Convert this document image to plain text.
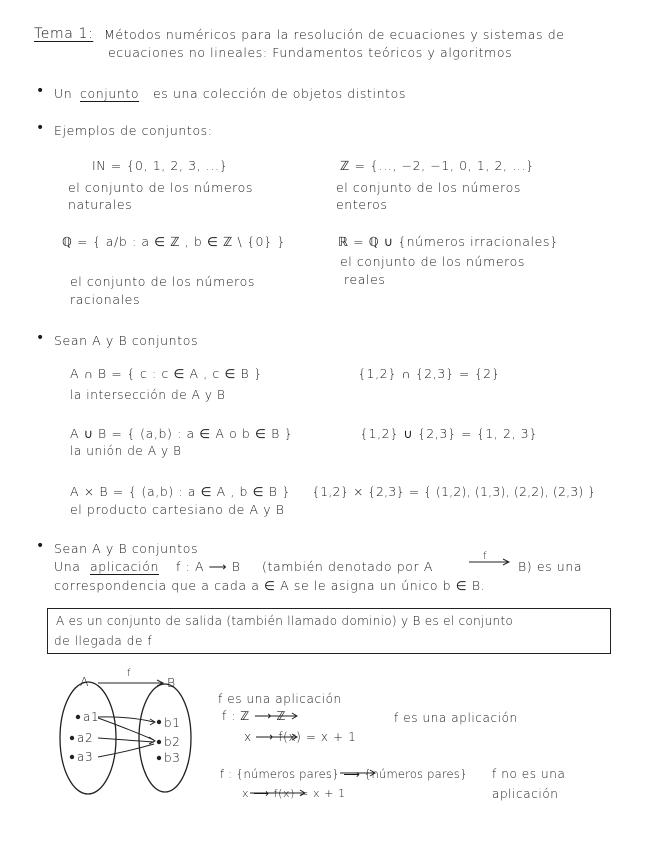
Tema 1: Métodos numéricos para la resolución de ecuaciones y sistemas de
ecuaciones no lineales: Fundamentos teóricos y algoritmos
• Un conjunto es una colección de objetos distintos
• Ejemplos de conjuntos:
IN = {0, 1, 2, 3, ...}
el conjunto de los números
naturales
ℤ = {..., −2, −1, 0, 1, 2, ...}
el conjunto de los números
enteros
ℚ = { a/b : a ∈ ℤ , b ∈ ℤ \ {0} }
el conjunto de los números
racionales
ℝ = ℚ ∪ {números irracionales}
el conjunto de los números
reales
• Sean A y B conjuntos
A ∩ B = { c : c ∈ A , c ∈ B }	{1,2} ∩ {2,3} = {2}
la intersección de A y B
A ∪ B = { (a,b) : a ∈ A o b ∈ B }	{1,2} ∪ {2,3} = {1, 2, 3}
la unión de A y B
A × B = { (a,b) : a ∈ A , b ∈ B } {1,2} × {2,3} = { (1,2), (1,3), (2,2), (2,3) }
el producto cartesiano de A y B
• Sean A y B conjuntos
Una aplicación f : A ⟶ B (también denotado por A
f
B) es una
correspondencia que a cada a ∈ A se le asigna un único b ∈ B.
A es un conjunto de salida (también llamado dominio) y B es el conjunto
de llegada de f
A	B
f
a1
a2
a3
b1
b2
b3
f es una aplicación
f : ℤ ⟶ ℤ
x ⟶ f(x) = x + 1
f es una aplicación
f : {números pares} ⟶ {números pares}
x ⟶ f(x) = x + 1
f no es una
aplicación
